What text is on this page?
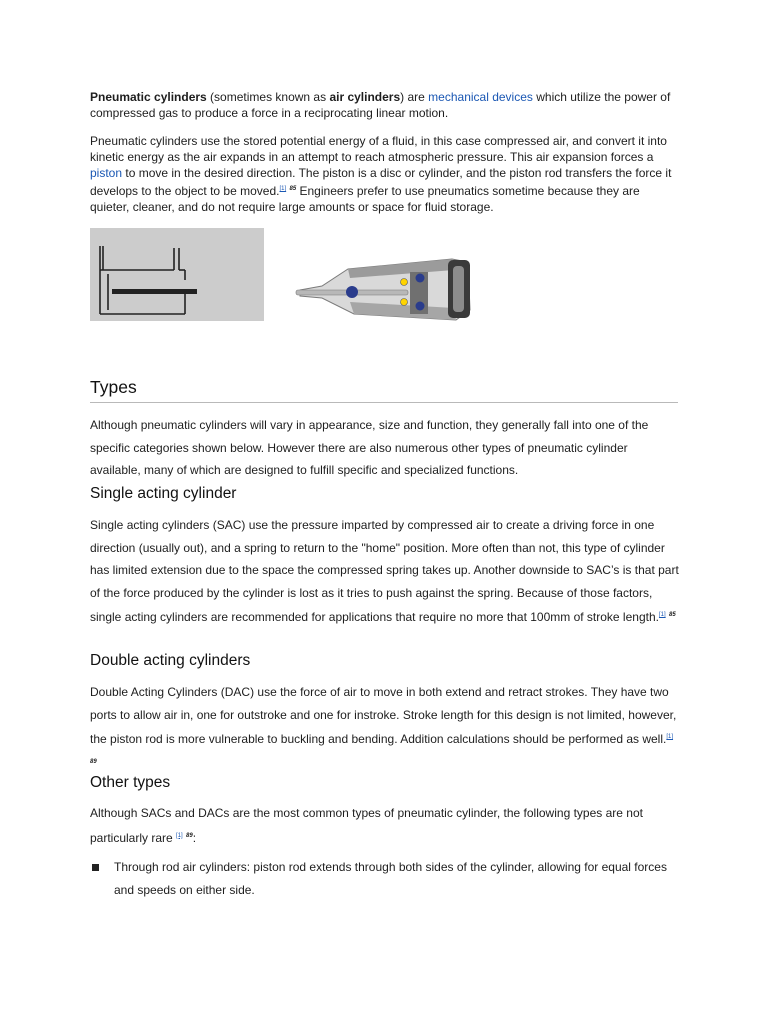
Pneumatic cylinders (sometimes known as air cylinders) are mechanical devices which utilize the power of compressed gas to produce a force in a reciprocating linear motion.

Pneumatic cylinders use the stored potential energy of a fluid, in this case compressed air, and convert it into kinetic energy as the air expands in an attempt to reach atmospheric pressure. This air expansion forces a piston to move in the desired direction. The piston is a disc or cylinder, and the piston rod transfers the force it develops to the object to be moved.[1] $^{85}$ Engineers prefer to use pneumatics sometime because they are quieter, cleaner, and do not require large amounts or space for fluid storage.

Types

Although pneumatic cylinders will vary in appearance, size and function, they generally fall into one of the specific categories shown below. However there are also numerous other types of pneumatic cylinder available, many of which are designed to fulfill specific and specialized functions.

Single acting cylinder

Single acting cylinders (SAC) use the pressure imparted by compressed air to create a driving force in one direction (usually out), and a spring to return to the "home" position. More often than not, this type of cylinder has limited extension due to the space the compressed spring takes up. Another downside to SAC’s is that part of the force produced by the cylinder is lost as it tries to push against the spring. Because of those factors, single acting cylinders are recommended for applications that require no more that 100mm of stroke length.[1] $^{85}$

Double acting cylinders

Double Acting Cylinders (DAC) use the force of air to move in both extend and retract strokes. They have two ports to allow air in, one for outstroke and one for instroke. Stroke length for this design is not limited, however, the piston rod is more vulnerable to buckling and bending. Addition calculations should be performed as well.[1] $^{89}$

Other types

Although SACs and DACs are the most common types of pneumatic cylinder, the following types are not particularly rare [1] $^{89}$:

Through rod air cylinders: piston rod extends through both sides of the cylinder, allowing for equal forces and speeds on either side.
